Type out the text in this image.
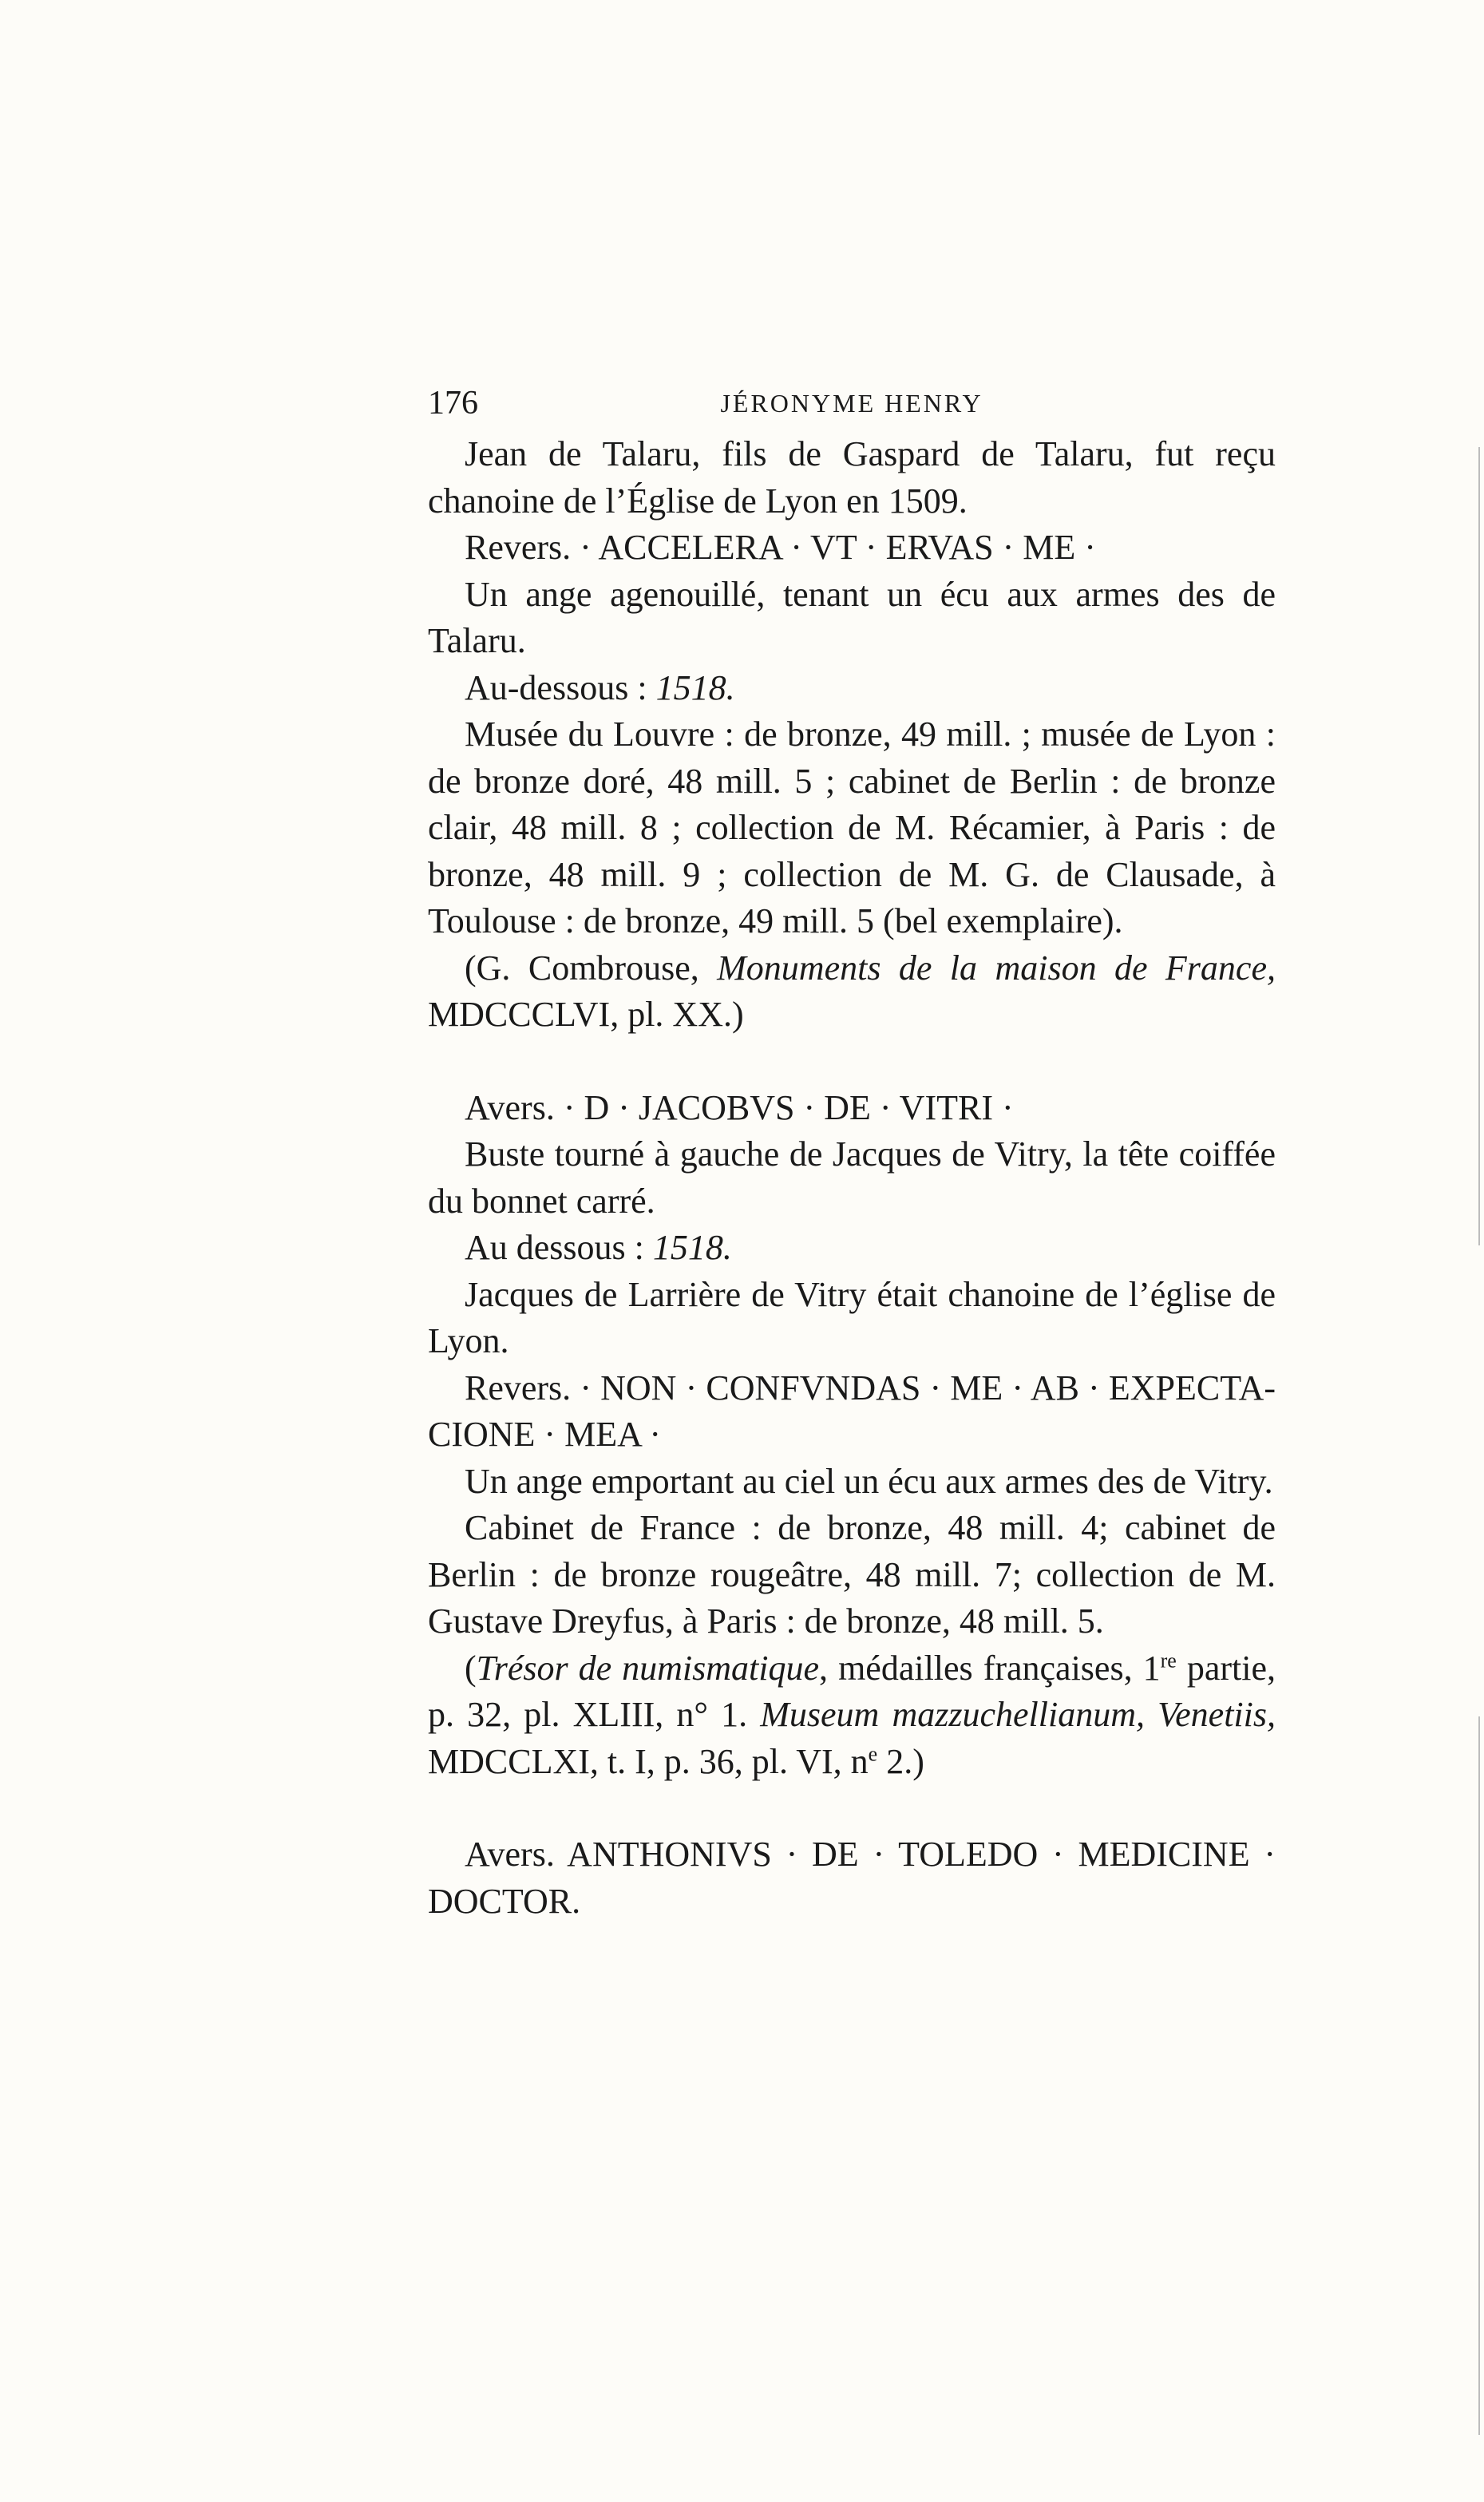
176	JÉRONYME HENRY

Jean de Talaru, fils de Gaspard de Talaru, fut reçu chanoine de l’Église de Lyon en 1509.

Revers. · ACCELERA · VT · ERVAS · ME ·

Un ange agenouillé, tenant un écu aux armes des de Talaru.

Au-dessous : 1518.

Musée du Louvre : de bronze, 49 mill. ; musée de Lyon : de bronze doré, 48 mill. 5 ; cabinet de Berlin : de bronze clair, 48 mill. 8 ; collection de M. Récamier, à Paris : de bronze, 48 mill. 9 ; collection de M. G. de Clausade, à Toulouse : de bronze, 49 mill. 5 (bel exemplaire).

(G. Combrouse, Monuments de la maison de France, MDCCCLVI, pl. XX.)

Avers. · D · JACOBVS · DE · VITRI ·

Buste tourné à gauche de Jacques de Vitry, la tête coiffée du bonnet carré.

Au dessous : 1518.

Jacques de Larrière de Vitry était chanoine de l’église de Lyon.

Revers. · NON · CONFVNDAS · ME · AB · EXPECTA-CIONE · MEA ·

Un ange emportant au ciel un écu aux armes des de Vitry.

Cabinet de France : de bronze, 48 mill. 4; cabinet de Berlin : de bronze rougeâtre, 48 mill. 7; collection de M. Gustave Dreyfus, à Paris : de bronze, 48 mill. 5.

(Trésor de numismatique, médailles françaises, 1re partie, p. 32, pl. XLIII, n° 1. Museum mazzuchellianum, Venetiis, MDCCLXI, t. I, p. 36, pl. VI, $n^e$ 2.)

Avers. ANTHONIVS · DE · TOLEDO · MEDICINE · DOCTOR.
